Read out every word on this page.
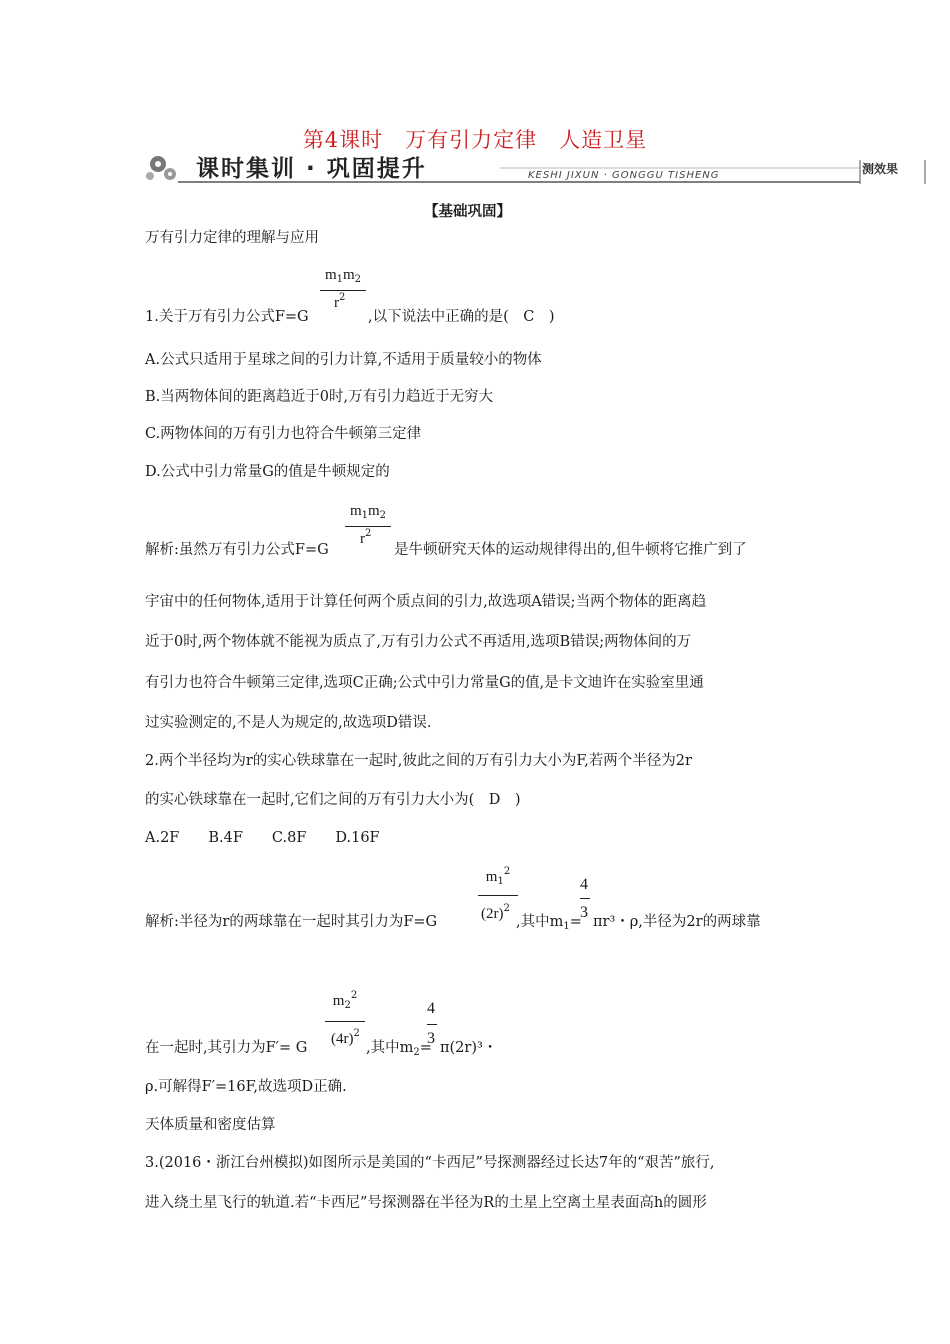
第4课时　万有引力定律　人造卫星
课时集训 · 巩固提升	KESHI JIXUN · GONGGU TISHENG	测效果
【基础巩固】
万有引力定律的理解与应用
m1m2
$r^2$
1.关于万有引力公式F=G	,以下说法中正确的是(　C　)
A.公式只适用于星球之间的引力计算,不适用于质量较小的物体
B.当两物体间的距离趋近于0时,万有引力趋近于无穷大
C.两物体间的万有引力也符合牛顿第三定律
D.公式中引力常量G的值是牛顿规定的
m1m2
$r^2$
解析:虽然万有引力公式F=G	是牛顿研究天体的运动规律得出的,但牛顿将它推广到了
宇宙中的任何物体,适用于计算任何两个质点间的引力,故选项A错误;当两个物体的距离趋
近于0时,两个物体就不能视为质点了,万有引力公式不再适用,选项B错误;两物体间的万
有引力也符合牛顿第三定律,选项C正确;公式中引力常量G的值,是卡文迪许在实验室里通
过实验测定的,不是人为规定的,故选项D错误.
2.两个半径均为r的实心铁球靠在一起时,彼此之间的万有引力大小为F,若两个半径为2r
的实心铁球靠在一起时,它们之间的万有引力大小为(　D　)
A.2F　　B.4F　　C.8F　　D.16F
$m1^2$
4
解析:半径为r的两球靠在一起时其引力为F=G	$(2r)^2$
,其中$m_1=$
3
πr³・ρ,半径为2r的两球靠
$m2^2$
4
在一起时,其引力为F′= G
$(4r)^2$
,其中$m_2=$
3
π(2r)³・
ρ.可解得F′=16F,故选项D正确.
天体质量和密度估算
3.(2016・浙江台州模拟)如图所示是美国的“卡西尼”号探测器经过长达7年的“艰苦”旅行,
进入绕土星飞行的轨道.若“卡西尼”号探测器在半径为R的土星上空离土星表面高h的圆形
